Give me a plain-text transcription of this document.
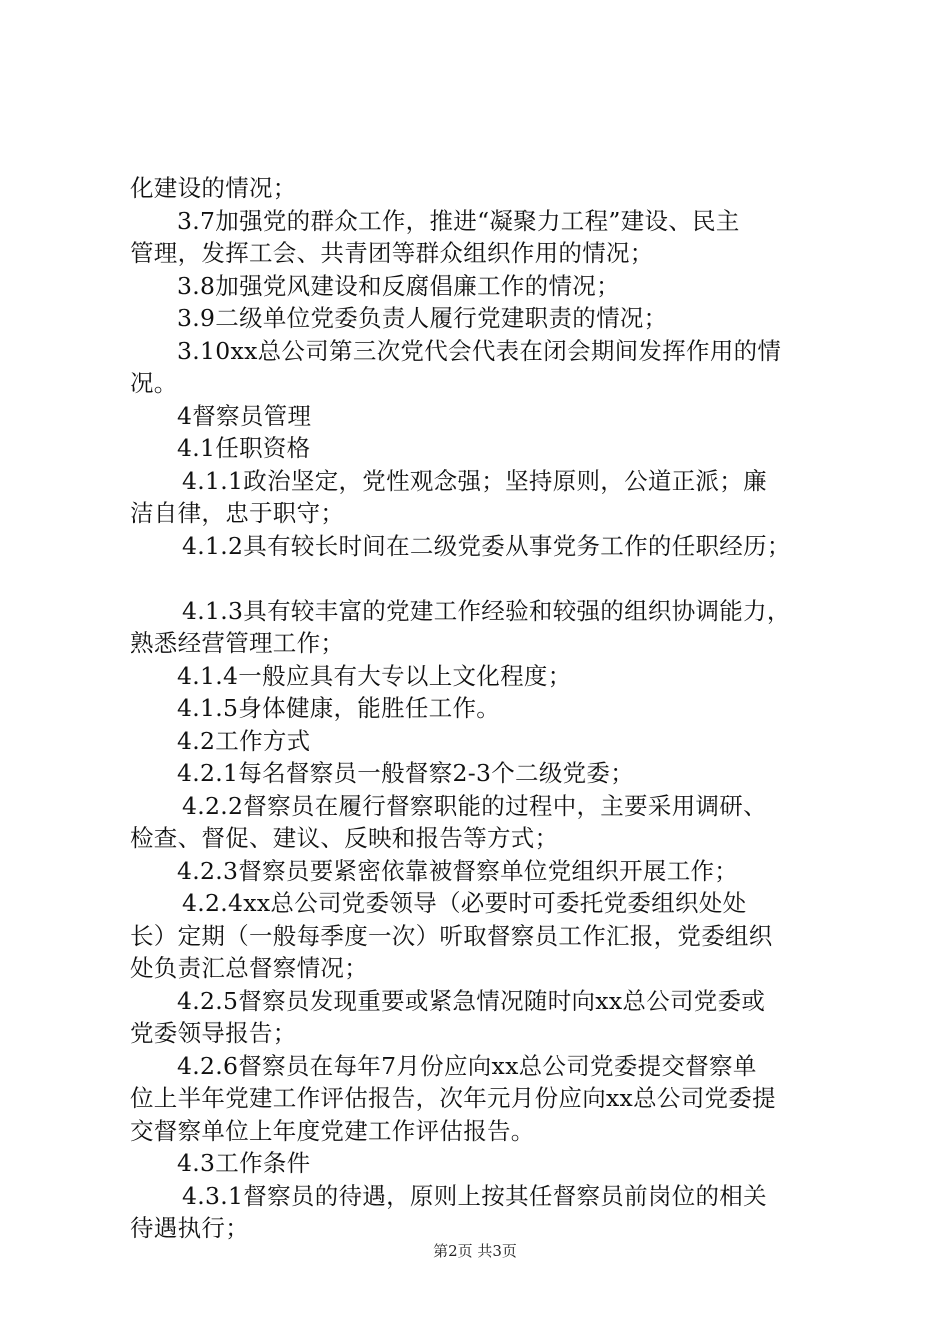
化建设的情况；
3.7加强党的群众工作，推进“凝聚力工程”建设、民主
管理，发挥工会、共青团等群众组织作用的情况；
3.8加强党风建设和反腐倡廉工作的情况；
3.9二级单位党委负责人履行党建职责的情况；
3.10xx总公司第三次党代会代表在闭会期间发挥作用的情
况。
4督察员管理
4.1任职资格
4.1.1政治坚定，党性观念强；坚持原则，公道正派；廉
洁自律，忠于职守；
4.1.2具有较长时间在二级党委从事党务工作的任职经历；
4.1.3具有较丰富的党建工作经验和较强的组织协调能力，
熟悉经营管理工作；
4.1.4一般应具有大专以上文化程度；
4.1.5身体健康，能胜任工作。
4.2工作方式
4.2.1每名督察员一般督察2-3个二级党委；
4.2.2督察员在履行督察职能的过程中，主要采用调研、
检查、督促、建议、反映和报告等方式；
4.2.3督察员要紧密依靠被督察单位党组织开展工作；
4.2.4xx总公司党委领导（必要时可委托党委组织处处
长）定期（一般每季度一次）听取督察员工作汇报，党委组织
处负责汇总督察情况；
4.2.5督察员发现重要或紧急情况随时向xx总公司党委或
党委领导报告；
4.2.6督察员在每年7月份应向xx总公司党委提交督察单
位上半年党建工作评估报告，次年元月份应向xx总公司党委提
交督察单位上年度党建工作评估报告。
4.3工作条件
4.3.1督察员的待遇，原则上按其任督察员前岗位的相关
待遇执行；
第2页 共3页
